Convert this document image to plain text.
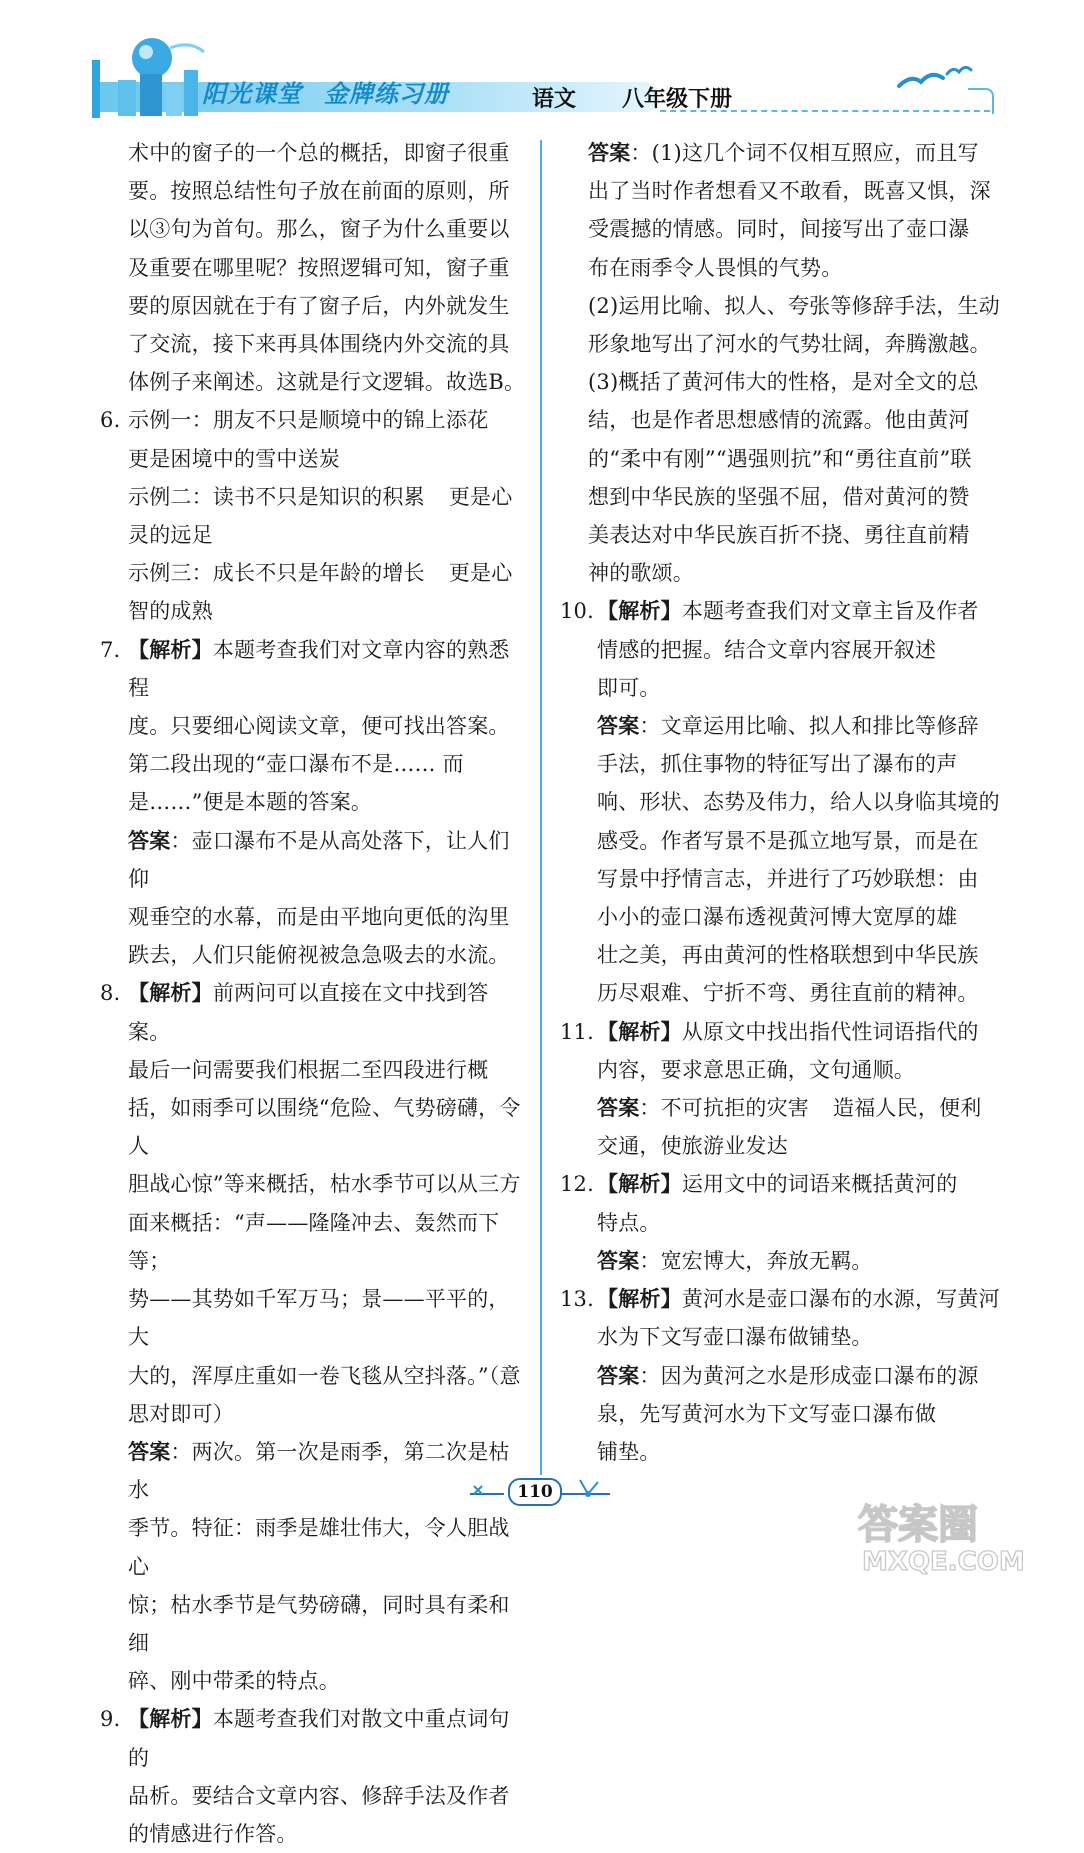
阳光课堂 金牌练习册	语文 八年级下册
术中的窗子的一个总的概括，即窗子很重
要。按照总结性句子放在前面的原则，所
以③句为首句。那么，窗子为什么重要以
及重要在哪里呢？按照逻辑可知，窗子重
要的原因就在于有了窗子后，内外就发生
了交流，接下来再具体围绕内外交流的具
体例子来阐述。这就是行文逻辑。故选B。
6. 示例一：朋友不只是顺境中的锦上添花
更是困境中的雪中送炭
示例二：读书不只是知识的积累 更是心
灵的远足
示例三：成长不只是年龄的增长 更是心
智的成熟
7. 【解析】本题考查我们对文章内容的熟悉程
度。只要细心阅读文章，便可找出答案。
第二段出现的“壶口瀑布不是…… 而
是……”便是本题的答案。
答案：壶口瀑布不是从高处落下，让人们仰
观垂空的水幕，而是由平地向更低的沟里
跌去，人们只能俯视被急急吸去的水流。
8. 【解析】前两问可以直接在文中找到答案。
最后一问需要我们根据二至四段进行概
括，如雨季可以围绕“危险、气势磅礴，令人
胆战心惊”等来概括，枯水季节可以从三方
面来概括：“声——隆隆冲去、轰然而下等；
势——其势如千军万马；景——平平的，大
大的，浑厚庄重如一卷飞毯从空抖落。”（意
思对即可）
答案：两次。第一次是雨季，第二次是枯水
季节。特征：雨季是雄壮伟大，令人胆战心
惊；枯水季节是气势磅礴，同时具有柔和细
碎、刚中带柔的特点。
9. 【解析】本题考查我们对散文中重点词句的
品析。要结合文章内容、修辞手法及作者
的情感进行作答。
答案：(1)这几个词不仅相互照应，而且写
出了当时作者想看又不敢看，既喜又惧，深
受震撼的情感。同时，间接写出了壶口瀑
布在雨季令人畏惧的气势。
(2)运用比喻、拟人、夸张等修辞手法，生动
形象地写出了河水的气势壮阔，奔腾激越。
(3)概括了黄河伟大的性格，是对全文的总
结，也是作者思想感情的流露。他由黄河
的“柔中有刚”“遇强则抗”和“勇往直前”联
想到中华民族的坚强不屈，借对黄河的赞
美表达对中华民族百折不挠、勇往直前精
神的歌颂。
10. 【解析】本题考查我们对文章主旨及作者
情感的把握。结合文章内容展开叙述
即可。
答案：文章运用比喻、拟人和排比等修辞
手法，抓住事物的特征写出了瀑布的声
响、形状、态势及伟力，给人以身临其境的
感受。作者写景不是孤立地写景，而是在
写景中抒情言志，并进行了巧妙联想：由
小小的壶口瀑布透视黄河博大宽厚的雄
壮之美，再由黄河的性格联想到中华民族
历尽艰难、宁折不弯、勇往直前的精神。
11. 【解析】从原文中找出指代性词语指代的
内容，要求意思正确，文句通顺。
答案：不可抗拒的灾害 造福人民，便利
交通，使旅游业发达
12. 【解析】运用文中的词语来概括黄河的
特点。
答案：宽宏博大，奔放无羁。
13. 【解析】黄河水是壶口瀑布的水源，写黄河
水为下文写壶口瀑布做铺垫。
答案：因为黄河之水是形成壶口瀑布的源
泉，先写黄河水为下文写壶口瀑布做
铺垫。
110
答案圈
MXQE.COM
